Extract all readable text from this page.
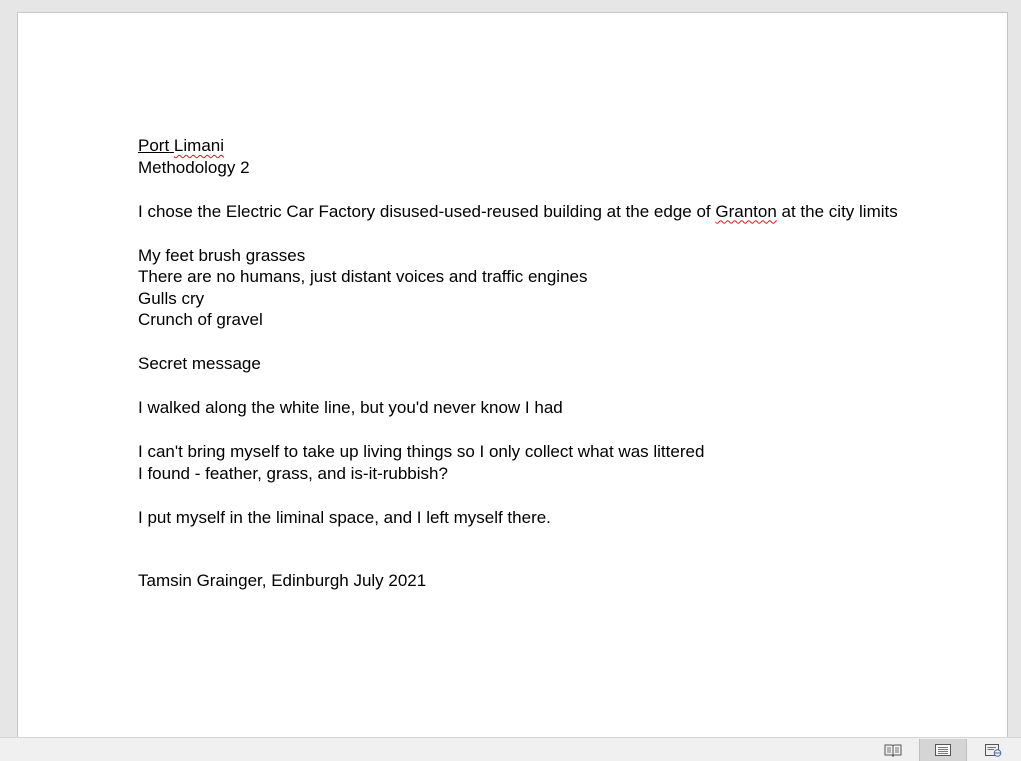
Port Limani
Methodology 2

I chose the Electric Car Factory disused-used-reused building at the edge of Granton at the city limits

My feet brush grasses
There are no humans, just distant voices and traffic engines
Gulls cry
Crunch of gravel

Secret message

I walked along the white line, but you'd never know I had

I can't bring myself to take up living things so I only collect what was littered
I found - feather, grass, and is-it-rubbish?

I put myself in the liminal space, and I left myself there.

Tamsin Grainger, Edinburgh July 2021
